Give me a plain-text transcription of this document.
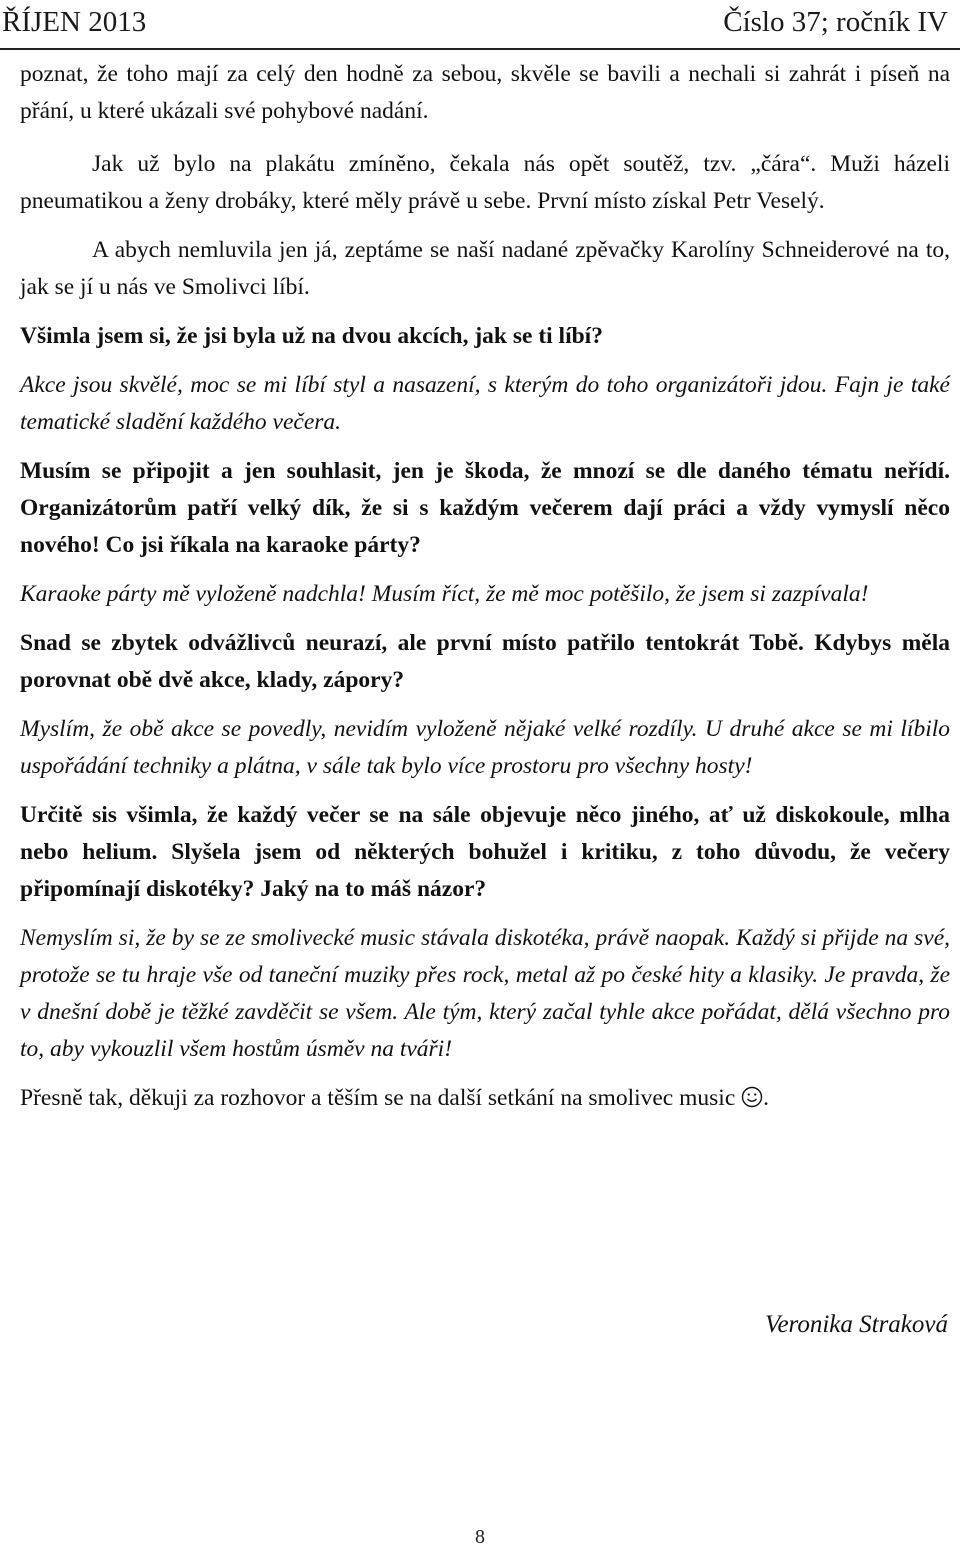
ŘÍJEN 2013	Číslo 37; ročník IV

poznat, že toho mají za celý den hodně za sebou, skvěle se bavili a nechali si zahrát i píseň na přání, u které ukázali své pohybové nadání.

Jak už bylo na plakátu zmíněno, čekala nás opět soutěž, tzv. „čára“. Muži házeli pneumatikou a ženy drobáky, které měly právě u sebe. První místo získal Petr Veselý.

A abych nemluvila jen já, zeptáme se naší nadané zpěvačky Karolíny Schneiderové na to, jak se jí u nás ve Smolivci líbí.

Všimla jsem si, že jsi byla už na dvou akcích, jak se ti líbí?

Akce jsou skvělé, moc se mi líbí styl a nasazení, s kterým do toho organizátoři jdou. Fajn je také tematické sladění každého večera.

Musím se připojit a jen souhlasit, jen je škoda, že mnozí se dle daného tématu neřídí. Organizátorům patří velký dík, že si s každým večerem dají práci a vždy vymyslí něco nového! Co jsi říkala na karaoke párty?

Karaoke párty mě vyloženě nadchla! Musím říct, že mě moc potěšilo, že jsem si zazpívala!

Snad se zbytek odvážlivců neurazí, ale první místo patřilo tentokrát Tobě. Kdybys měla porovnat obě dvě akce, klady, zápory?

Myslím, že obě akce se povedly, nevidím vyloženě nějaké velké rozdíly. U druhé akce se mi líbilo uspořádání techniky a plátna, v sále tak bylo více prostoru pro všechny hosty!

Určitě sis všimla, že každý večer se na sále objevuje něco jiného, ať už diskokoule, mlha nebo helium. Slyšela jsem od některých bohužel i kritiku, z toho důvodu, že večery připomínají diskotéky? Jaký na to máš názor?

Nemyslím si, že by se ze smolivecké music stávala diskotéka, právě naopak. Každý si přijde na své, protože se tu hraje vše od taneční muziky přes rock, metal až po české hity a klasiky. Je pravda, že v dnešní době je těžké zavděčit se všem. Ale tým, který začal tyhle akce pořádat, dělá všechno pro to, aby vykouzlil všem hostům úsměv na tváři!

Přesně tak, děkuji za rozhovor a těším se na další setkání na smolivec music .

Veronika Straková
8
